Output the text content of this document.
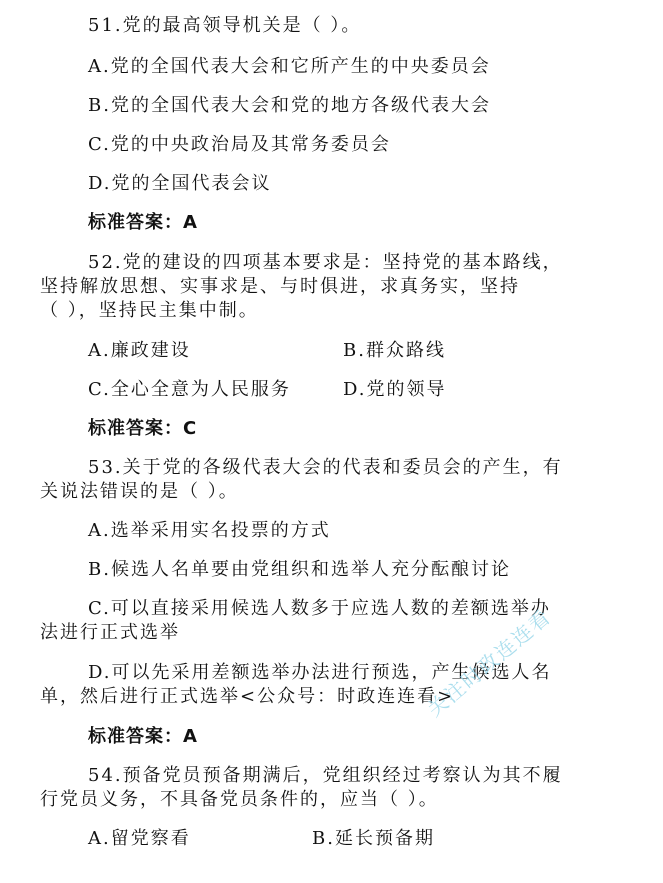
51.党的最高领导机关是（ ）。
A.党的全国代表大会和它所产生的中央委员会
B.党的全国代表大会和党的地方各级代表大会
C.党的中央政治局及其常务委员会
D.党的全国代表会议
标准答案：A
52.党的建设的四项基本要求是：坚持党的基本路线，
坚持解放思想、实事求是、与时俱进，求真务实，坚持
（ ），坚持民主集中制。
A.廉政建设	B.群众路线
C.全心全意为人民服务	D.党的领导
标准答案：C
53.关于党的各级代表大会的代表和委员会的产生，有
关说法错误的是（ ）。
A.选举采用实名投票的方式
B.候选人名单要由党组织和选举人充分酝酿讨论
C.可以直接采用候选人数多于应选人数的差额选举办
法进行正式选举
D.可以先采用差额选举办法进行预选，产生候选人名
单，然后进行正式选举<公众号：时政连连看>
标准答案：A
54.预备党员预备期满后，党组织经过考察认为其不履
行党员义务，不具备党员条件的，应当（ ）。
A.留党察看	B.延长预备期
关注时政连连看
